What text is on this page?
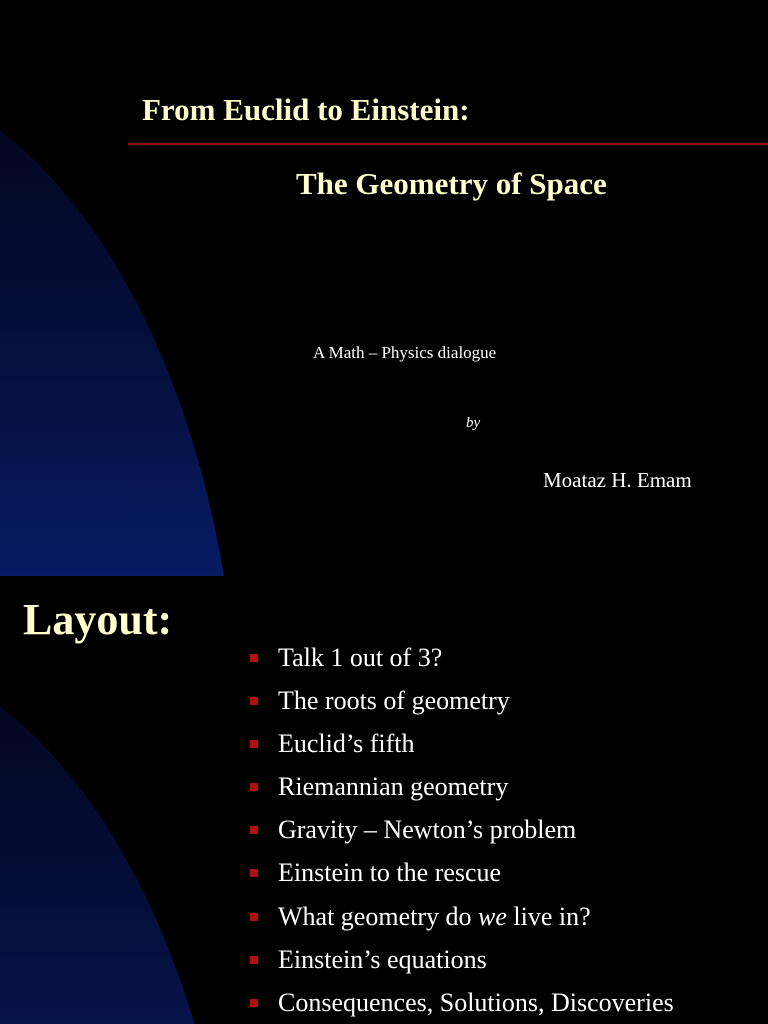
From Euclid to Einstein:
The Geometry of Space
A Math – Physics dialogue
by
Moataz H. Emam
Layout:
Talk 1 out of 3?
The roots of geometry
Euclid’s fifth
Riemannian geometry
Gravity – Newton’s problem
Einstein to the rescue
What geometry do we live in?
Einstein’s equations
Consequences, Solutions, Discoveries
